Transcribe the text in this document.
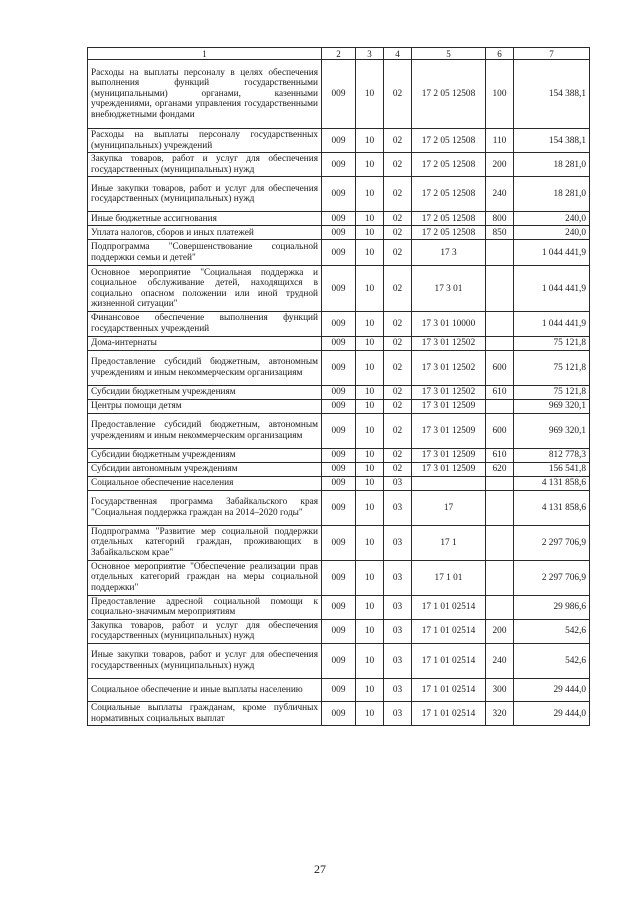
1	2	3	4	5	6	7
Расходы на выплаты персоналу в целях обеспечения выполнения функций государственными (муниципальными) органами, казенными учреждениями, органами управления государственными внебюджетными фондами	009	10	02	17 2 05 12508	100	154 388,1
Расходы на выплаты персоналу государственных (муниципальных) учреждений	009	10	02	17 2 05 12508	110	154 388,1
Закупка товаров, работ и услуг для обеспечения государственных (муниципальных) нужд	009	10	02	17 2 05 12508	200	18 281,0
Иные закупки товаров, работ и услуг для обеспечения государственных (муниципальных) нужд	009	10	02	17 2 05 12508	240	18 281,0
Иные бюджетные ассигнования	009	10	02	17 2 05 12508	800	240,0
Уплата налогов, сборов и иных платежей	009	10	02	17 2 05 12508	850	240,0
Подпрограмма "Совершенствование социальной поддержки семьи и детей"	009	10	02	17 3		1 044 441,9
Основное мероприятие "Социальная поддержка и социальное обслуживание детей, находящихся в социально опасном положении или иной трудной жизненной ситуации"	009	10	02	17 3 01		1 044 441,9
Финансовое обеспечение выполнения функций государственных учреждений	009	10	02	17 3 01 10000		1 044 441,9
Дома-интернаты	009	10	02	17 3 01 12502		75 121,8
Предоставление субсидий бюджетным, автономным учреждениям и иным некоммерческим организациям	009	10	02	17 3 01 12502	600	75 121,8
Субсидии бюджетным учреждениям	009	10	02	17 3 01 12502	610	75 121,8
Центры помощи детям	009	10	02	17 3 01 12509		969 320,1
Предоставление субсидий бюджетным, автономным учреждениям и иным некоммерческим организациям	009	10	02	17 3 01 12509	600	969 320,1
Субсидии бюджетным учреждениям	009	10	02	17 3 01 12509	610	812 778,3
Субсидии автономным учреждениям	009	10	02	17 3 01 12509	620	156 541,8
Социальное обеспечение населения	009	10	03			4 131 858,6
Государственная программа Забайкальского края "Социальная поддержка граждан на 2014–2020 годы"	009	10	03	17		4 131 858,6
Подпрограмма "Развитие мер социальной поддержки отдельных категорий граждан, проживающих в Забайкальском крае"	009	10	03	17 1		2 297 706,9
Основное мероприятие "Обеспечение реализации прав отдельных категорий граждан на меры социальной поддержки"	009	10	03	17 1 01		2 297 706,9
Предоставление адресной социальной помощи к социально-значимым мероприятиям	009	10	03	17 1 01 02514		29 986,6
Закупка товаров, работ и услуг для обеспечения государственных (муниципальных) нужд	009	10	03	17 1 01 02514	200	542,6
Иные закупки товаров, работ и услуг для обеспечения государственных (муниципальных) нужд	009	10	03	17 1 01 02514	240	542,6
Социальное обеспечение и иные выплаты населению	009	10	03	17 1 01 02514	300	29 444,0
Социальные выплаты гражданам, кроме публичных нормативных социальных выплат	009	10	03	17 1 01 02514	320	29 444,0
27
